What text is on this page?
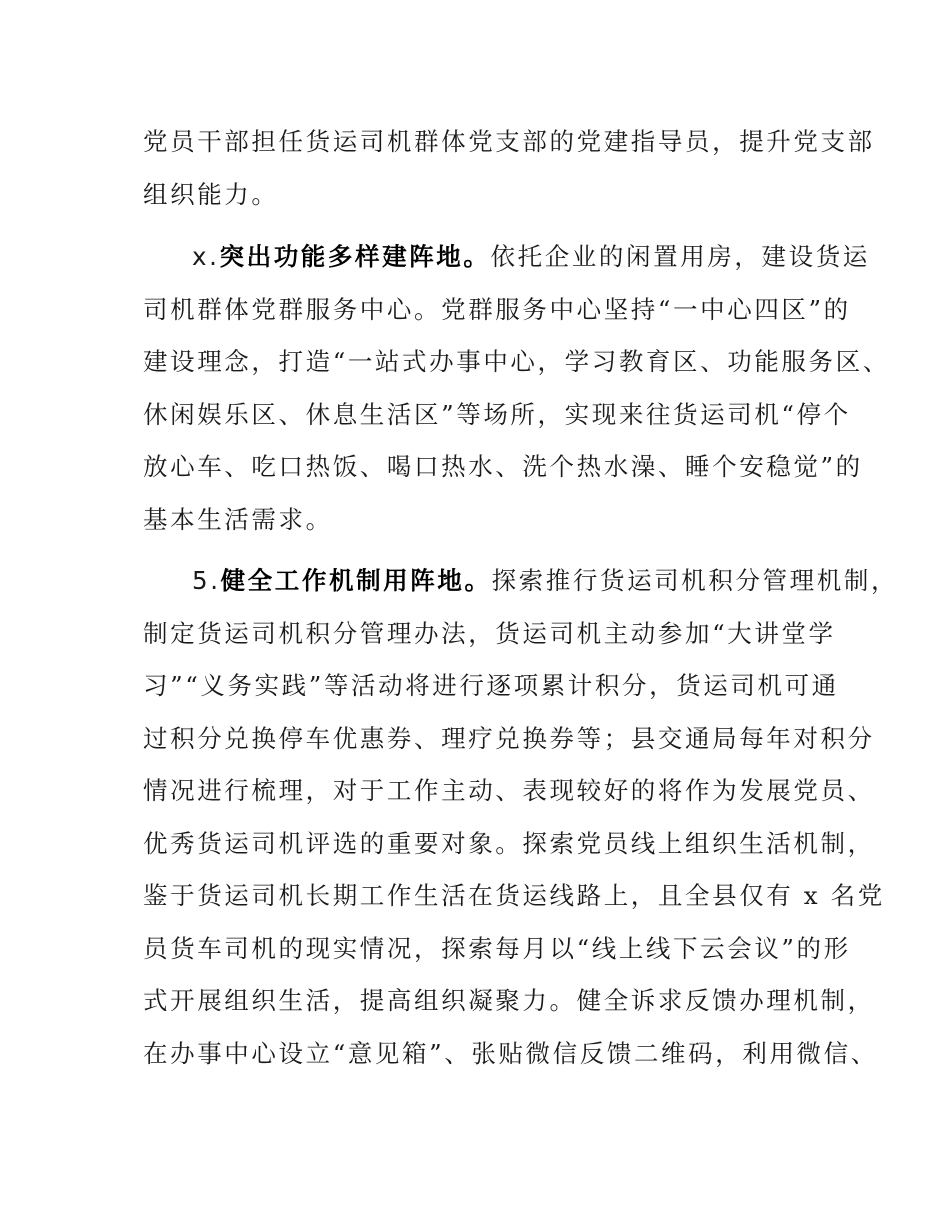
党员干部担任货运司机群体党支部的党建指导员，提升党支部
组织能力。
x.突出功能多样建阵地。依托企业的闲置用房，建设货运
司机群体党群服务中心。党群服务中心坚持“一中心四区”的
建设理念，打造“一站式办事中心，学习教育区、功能服务区、
休闲娱乐区、休息生活区”等场所，实现来往货运司机“停个
放心车、吃口热饭、喝口热水、洗个热水澡、睡个安稳觉”的
基本生活需求。
5.健全工作机制用阵地。探索推行货运司机积分管理机制，
制定货运司机积分管理办法，货运司机主动参加“大讲堂学
习”“义务实践”等活动将进行逐项累计积分，货运司机可通
过积分兑换停车优惠券、理疗兑换券等；县交通局每年对积分
情况进行梳理，对于工作主动、表现较好的将作为发展党员、
优秀货运司机评选的重要对象。探索党员线上组织生活机制，
鉴于货运司机长期工作生活在货运线路上，且全县仅有 x 名党
员货车司机的现实情况，探索每月以“线上线下云会议”的形
式开展组织生活，提高组织凝聚力。健全诉求反馈办理机制，
在办事中心设立“意见箱”、张贴微信反馈二维码，利用微信、
